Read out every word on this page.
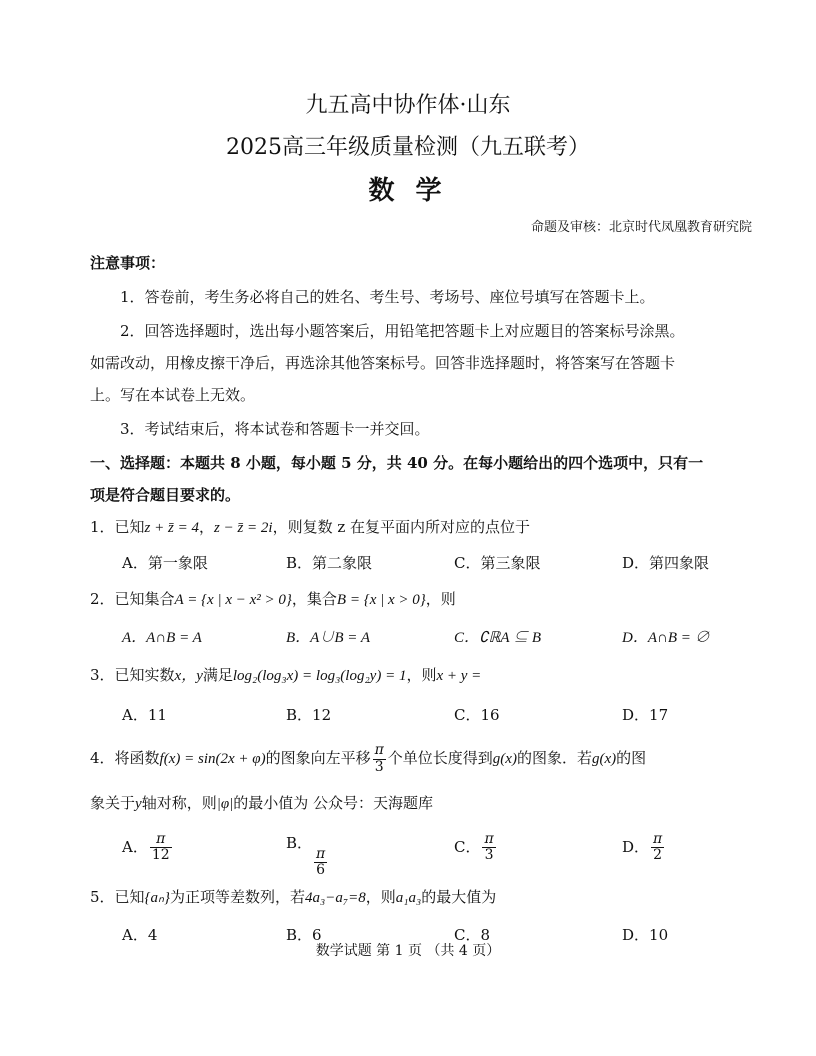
九五高中协作体·山东
2025高三年级质量检测（九五联考）
数 学
命题及审核：北京时代凤凰教育研究院
注意事项：
1．答卷前，考生务必将自己的姓名、考生号、考场号、座位号填写在答题卡上。
2．回答选择题时，选出每小题答案后，用铅笔把答题卡上对应题目的答案标号涂黑。
如需改动，用橡皮擦干净后，再选涂其他答案标号。回答非选择题时，将答案写在答题卡
上。写在本试卷上无效。
3．考试结束后，将本试卷和答题卡一并交回。
一、选择题：本题共 8 小题，每小题 5 分，共 40 分。在每小题给出的四个选项中，只有一
项是符合题目要求的。
1．已知z + z̄ = 4，z − z̄ = 2i，则复数 z 在复平面内所对应的点位于
A．第一象限	B．第二象限	C．第三象限	D．第四象限
2．已知集合A = {x | x − x² > 0}，集合B = {x | x > 0}，则
A．A∩B = A	B．A∪B = A	C．∁ℝA ⊆ B	D．A∩B = ∅
3．已知实数x，y满足log₂(log₃x) = log₃(log₂y) = 1，则x + y =
A．11	B．12	C．16	D．17
4．将函数f(x) = sin(2x + φ)的图象向左平移 $\frac{\pi}{3}$ 个单位长度得到g(x)的图象．若g(x)的图
象关于y轴对称，则|φ|的最小值为 公众号：天海题库
A． $\frac{\pi}{12}$	B．
$\frac{\pi}{6}$	C． $\frac{\pi}{3}$	D． $\frac{\pi}{2}$
5．已知{aₙ}为正项等差数列，若4a₃−a₇=8，则a₁a₃的最大值为
A．4	B．6	C．8	D．10
数学试题 第 1 页 （共 4 页）
